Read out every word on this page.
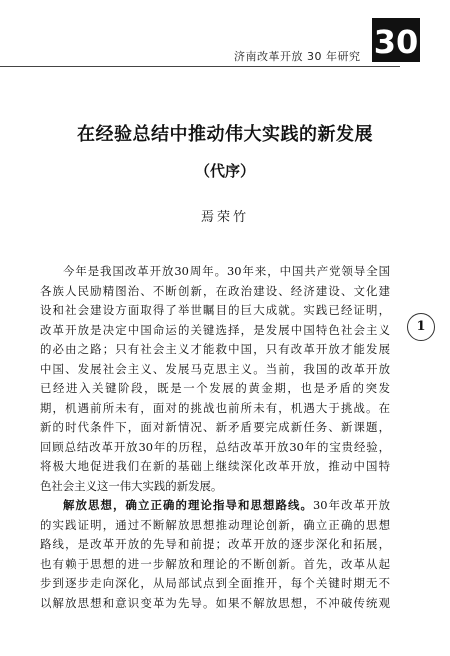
济南改革开放 30 年研究 30
在经验总结中推动伟大实践的新发展
（代序）
焉荣竹
1
今年是我国改革开放30周年。30年来，中国共产党领导全国
各族人民励精图治、不断创新，在政治建设、经济建设、文化建
设和社会建设方面取得了举世瞩目的巨大成就。实践已经证明，
改革开放是决定中国命运的关键选择，是发展中国特色社会主义
的必由之路；只有社会主义才能救中国，只有改革开放才能发展
中国、发展社会主义、发展马克思主义。当前，我国的改革开放
已经进入关键阶段，既是一个发展的黄金期，也是矛盾的突发
期，机遇前所未有，面对的挑战也前所未有，机遇大于挑战。在
新的时代条件下，面对新情况、新矛盾要完成新任务、新课题，
回顾总结改革开放30年的历程，总结改革开放30年的宝贵经验，
将极大地促进我们在新的基础上继续深化改革开放，推动中国特
色社会主义这一伟大实践的新发展。
解放思想，确立正确的理论指导和思想路线。30年改革开放
的实践证明，通过不断解放思想推动理论创新，确立正确的思想
路线，是改革开放的先导和前提；改革开放的逐步深化和拓展，
也有赖于思想的进一步解放和理论的不断创新。首先，改革从起
步到逐步走向深化，从局部试点到全面推开，每个关键时期无不
以解放思想和意识变革为先导。如果不解放思想，不冲破传统观
